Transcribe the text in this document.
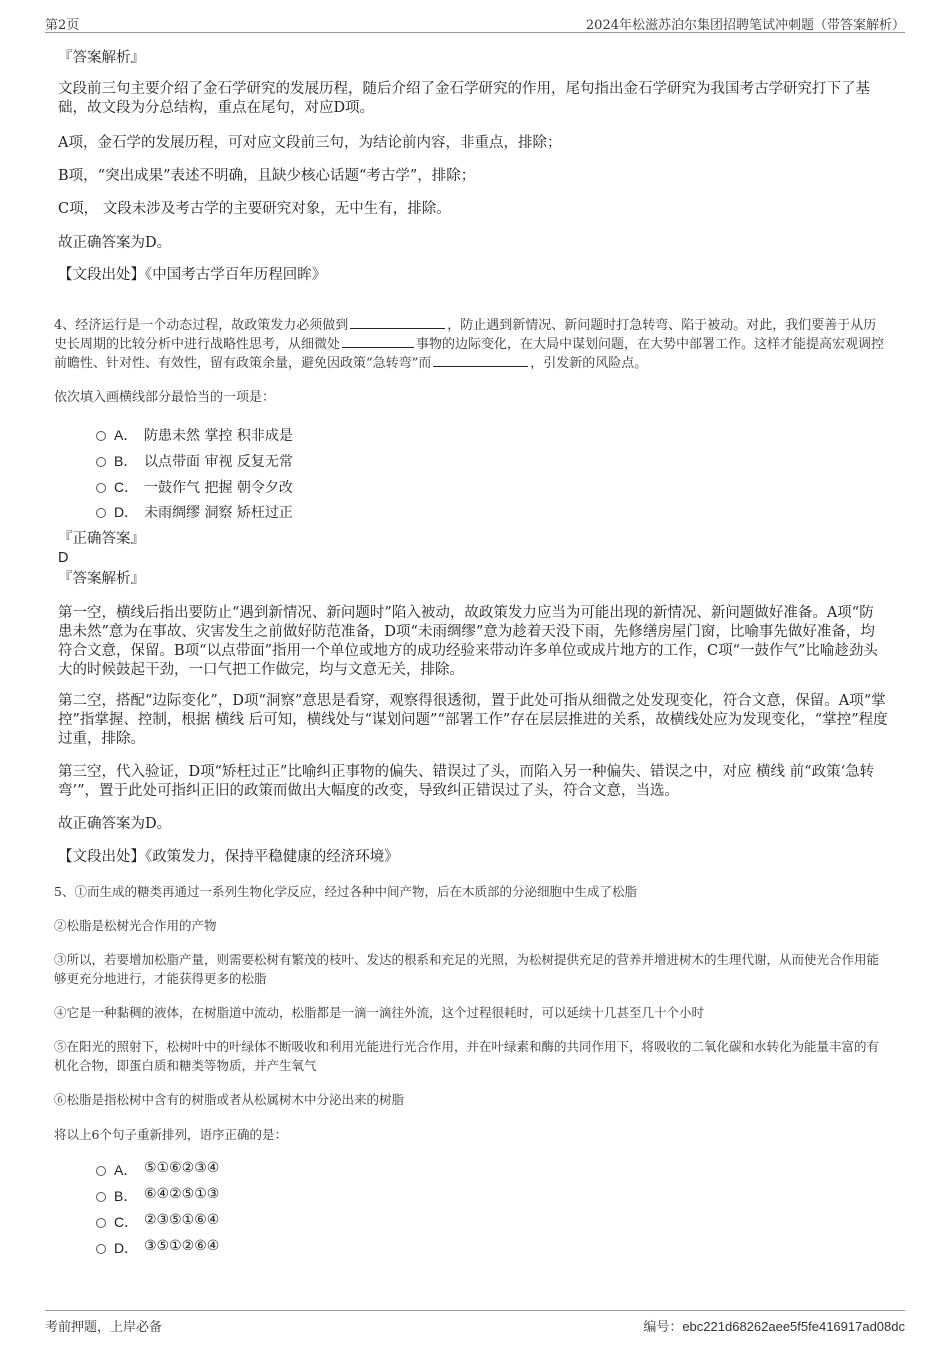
第2页	2024年松滋苏泊尔集团招聘笔试冲刺题（带答案解析）
『答案解析』
文段前三句主要介绍了金石学研究的发展历程，随后介绍了金石学研究的作用，尾句指出金石学研究为我国考古学研究打下了基础，故文段为分总结构，重点在尾句，对应D项。
A项，金石学的发展历程，可对应文段前三句，为结论前内容，非重点，排除；
B项，“突出成果”表述不明确，且缺少核心话题“考古学”，排除；
C项， 文段未涉及考古学的主要研究对象，无中生有，排除。
故正确答案为D。
【文段出处】《中国考古学百年历程回眸》
4、经济运行是一个动态过程，故政策发力必须做到	，防止遇到新情况、新问题时打急转弯、陷于被动。对此，我们要善于从历史长周期的比较分析中进行战略性思考，从细微处	事物的边际变化，在大局中谋划问题，在大势中部署工作。这样才能提高宏观调控前瞻性、针对性、有效性，留有政策余量，避免因政策“急转弯”而	，引发新的风险点。
依次填入画横线部分最恰当的一项是：
A． 防患未然 掌控 积非成是
B． 以点带面 审视 反复无常
C． 一鼓作气 把握 朝令夕改
D． 未雨绸缪 洞察 矫枉过正
『正确答案』
D
『答案解析』
第一空，横线后指出要防止“遇到新情况、新问题时”陷入被动，故政策发力应当为可能出现的新情况、新问题做好准备。A项“防患未然”意为在事故、灾害发生之前做好防范准备，D项“未雨绸缪”意为趁着天没下雨，先修缮房屋门窗，比喻事先做好准备，均符合文意，保留。B项“以点带面”指用一个单位或地方的成功经验来带动许多单位或成片地方的工作，C项“一鼓作气”比喻趁劲头大的时候鼓起干劲，一口气把工作做完，均与文意无关，排除。
第二空，搭配“边际变化”，D项“洞察”意思是看穿，观察得很透彻，置于此处可指从细微之处发现变化，符合文意，保留。A项“掌控”指掌握、控制，根据 横线 后可知，横线处与“谋划问题”“部署工作”存在层层推进的关系，故横线处应为发现变化，“掌控”程度过重，排除。
第三空，代入验证，D项“矫枉过正”比喻纠正事物的偏失、错误过了头，而陷入另一种偏失、错误之中，对应 横线 前“政策‘急转弯’”，置于此处可指纠正旧的政策而做出大幅度的改变，导致纠正错误过了头，符合文意，当选。
故正确答案为D。
【文段出处】《政策发力，保持平稳健康的经济环境》
5、①而生成的糖类再通过一系列生物化学反应，经过各种中间产物，后在木质部的分泌细胞中生成了松脂
②松脂是松树光合作用的产物
③所以，若要增加松脂产量，则需要松树有繁茂的枝叶、发达的根系和充足的光照，为松树提供充足的营养并增进树木的生理代谢，从而使光合作用能够更充分地进行，才能获得更多的松脂
④它是一种黏稠的液体，在树脂道中流动，松脂都是一滴一滴往外流，这个过程很耗时，可以延续十几甚至几十个小时
⑤在阳光的照射下，松树叶中的叶绿体不断吸收和利用光能进行光合作用，并在叶绿素和酶的共同作用下，将吸收的二氧化碳和水转化为能量丰富的有机化合物，即蛋白质和糖类等物质，并产生氧气
⑥松脂是指松树中含有的树脂或者从松属树木中分泌出来的树脂
将以上6个句子重新排列，语序正确的是：
A． ⑤①⑥②③④
B． ⑥④②⑤①③
C． ②③⑤①⑥④
D． ③⑤①②⑥④
考前押题，上岸必备	编号：ebc221d68262aee5f5fe416917ad08dc
